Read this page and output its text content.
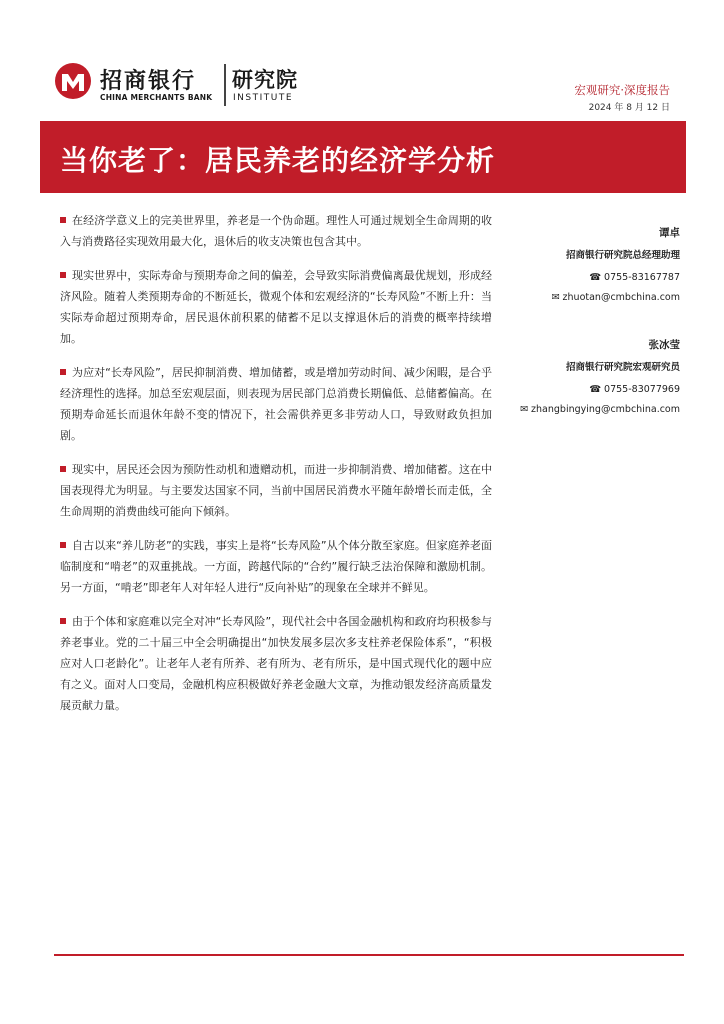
招商银行
CHINA MERCHANTS BANK
研究院
INSTITUTE
宏观研究·深度报告
2024 年 8 月 12 日
当你老了：居民养老的经济学分析
在经济学意义上的完美世界里，养老是一个伪命题。理性人可通过规划全生命周期的收入与消费路径实现效用最大化，退休后的收支决策也包含其中。
现实世界中，实际寿命与预期寿命之间的偏差，会导致实际消费偏离最优规划，形成经济风险。随着人类预期寿命的不断延长，微观个体和宏观经济的“长寿风险”不断上升：当实际寿命超过预期寿命，居民退休前积累的储蓄不足以支撑退休后的消费的概率持续增加。
为应对“长寿风险”，居民抑制消费、增加储蓄，或是增加劳动时间、减少闲暇，是合乎经济理性的选择。加总至宏观层面，则表现为居民部门总消费长期偏低、总储蓄偏高。在预期寿命延长而退休年龄不变的情况下，社会需供养更多非劳动人口，导致财政负担加剧。
现实中，居民还会因为预防性动机和遗赠动机，而进一步抑制消费、增加储蓄。这在中国表现得尤为明显。与主要发达国家不同，当前中国居民消费水平随年龄增长而走低，全生命周期的消费曲线可能向下倾斜。
自古以来“养儿防老”的实践，事实上是将“长寿风险”从个体分散至家庭。但家庭养老面临制度和“啃老”的双重挑战。一方面，跨越代际的“合约”履行缺乏法治保障和激励机制。另一方面，“啃老”即老年人对年轻人进行“反向补贴”的现象在全球并不鲜见。
由于个体和家庭难以完全对冲“长寿风险”，现代社会中各国金融机构和政府均积极参与养老事业。党的二十届三中全会明确提出“加快发展多层次多支柱养老保险体系”，“积极应对人口老龄化”。让老年人老有所养、老有所为、老有所乐，是中国式现代化的题中应有之义。面对人口变局，金融机构应积极做好养老金融大文章，为推动银发经济高质量发展贡献力量。
谭卓
招商银行研究院总经理助理
☎ 0755-83167787
✉ zhuotan@cmbchina.com
张冰莹
招商银行研究院宏观研究员
☎ 0755-83077969
✉ zhangbingying@cmbchina.com
